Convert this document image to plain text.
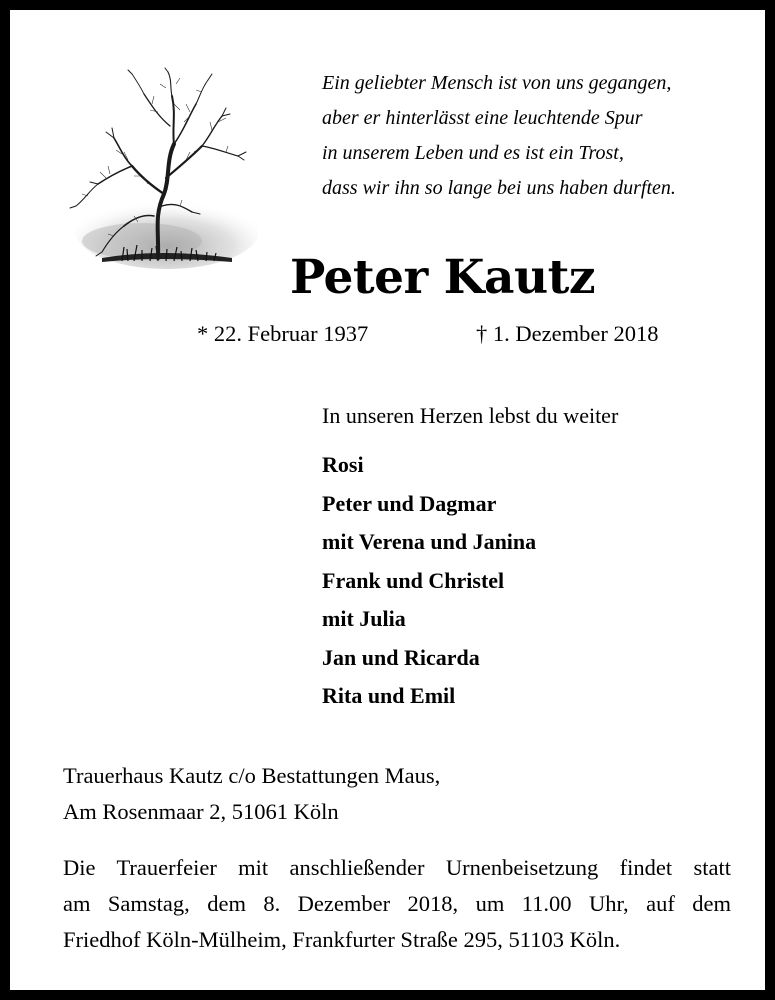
Ein geliebter Mensch ist von uns gegangen,
aber er hinterlässt eine leuchtende Spur
in unserem Leben und es ist ein Trost,
dass wir ihn so lange bei uns haben durften.
Peter Kautz
* 22. Februar 1937	† 1. Dezember 2018
In unseren Herzen lebst du weiter
Rosi
Peter und Dagmar
mit Verena und Janina
Frank und Christel
mit Julia
Jan und Ricarda
Rita und Emil
Trauerhaus Kautz c/o Bestattungen Maus,
Am Rosenmaar 2, 51061 Köln
Die Trauerfeier mit anschließender Urnenbeisetzung findet statt
am Samstag, dem 8. Dezember 2018, um 11.00 Uhr, auf dem
Friedhof Köln-Mülheim, Frankfurter Straße 295, 51103 Köln.
